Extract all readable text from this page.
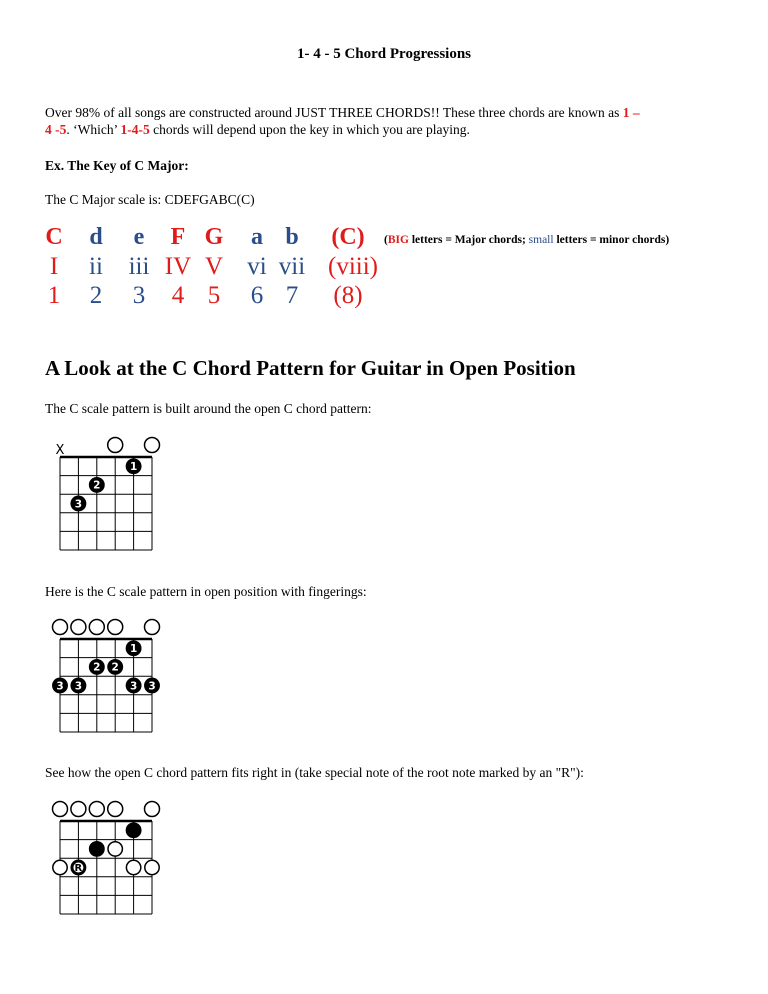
1- 4 - 5 Chord Progressions
Over 98% of all songs are constructed around JUST THREE CHORDS!! These three chords are known as 1 –
4 -5. ‘Which’ 1-4-5 chords will depend upon the key in which you are playing.
Ex. The Key of C Major:
The C Major scale is: CDEFGABC(C)
C	d	e	F G	a b	(C)
I	ii	iii IV V vi vii (viii)
1	2	3	4 5	6 7	(8)
(BIG letters = Major chords; small letters = minor chords)
A Look at the C Chord Pattern for Guitar in Open Position
The C scale pattern is built around the open C chord pattern:
Here is the C scale pattern in open position with fingerings:
See how the open C chord pattern fits right in (take special note of the root note marked by an "R"):
X
1
2
3
1
2 2
3 3	3 3
R
